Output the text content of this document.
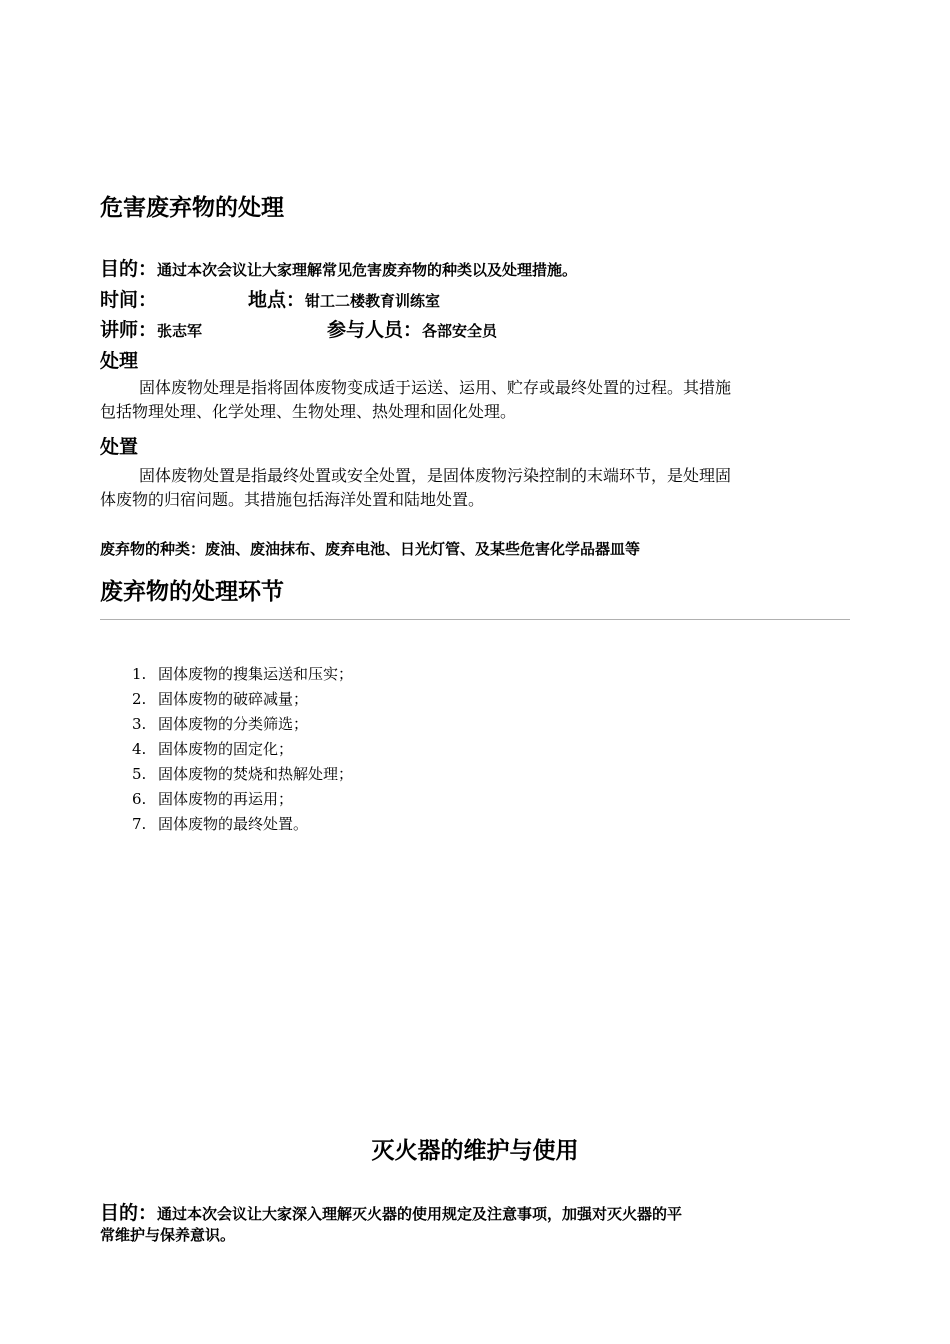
危害废弃物的处理
目的：通过本次会议让大家理解常见危害废弃物的种类以及处理措施。
时间：	地点：钳工二楼教育训练室
讲师：张志军	参与人员：各部安全员
处理
固体废物处理是指将固体废物变成适于运送、运用、贮存或最终处置的过程。其措施
包括物理处理、化学处理、生物处理、热处理和固化处理。
处置
固体废物处置是指最终处置或安全处置，是固体废物污染控制的末端环节，是处理固
体废物的归宿问题。其措施包括海洋处置和陆地处置。
废弃物的种类：废油、废油抹布、废弃电池、日光灯管、及某些危害化学品器皿等
废弃物的处理环节
1. 固体废物的搜集运送和压实；
2. 固体废物的破碎减量；
3. 固体废物的分类筛选；
4. 固体废物的固定化；
5. 固体废物的焚烧和热解处理；
6. 固体废物的再运用；
7. 固体废物的最终处置。
灭火器的维护与使用
目的：通过本次会议让大家深入理解灭火器的使用规定及注意事项，加强对灭火器的平
常维护与保养意识。
